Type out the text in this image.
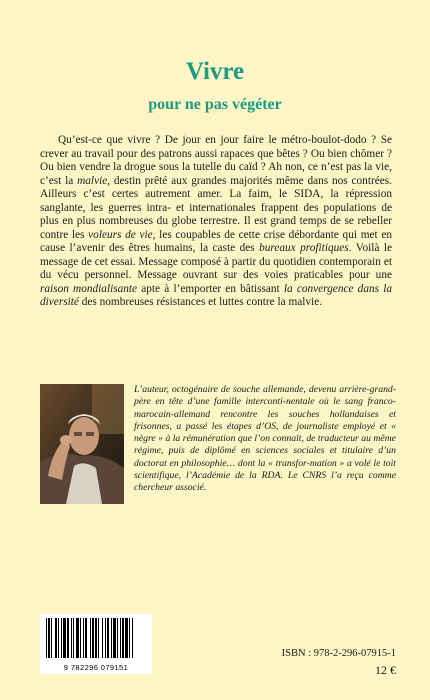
Vivre
pour ne pas végéter

Qu’est-ce que vivre ? De jour en jour faire le métro-boulot-dodo ? Se crever au travail pour des patrons aussi rapaces que bêtes ? Ou bien chômer ? Ou bien vendre la drogue sous la tutelle du caïd ? Ah non, ce n’est pas la vie, c’est la malvie, destin prêté aux grandes majorités même dans nos contrées. Ailleurs c’est certes autrement amer. La faim, le SIDA, la répression sanglante, les guerres intra- et internationales frappent des populations de plus en plus nombreuses du globe terrestre. Il est grand temps de se rebeller contre les voleurs de vie, les coupables de cette crise débordante qui met en cause l’avenir des êtres humains, la caste des bureaux profitiques. Voilà le message de cet essai. Message composé à partir du quotidien contemporain et du vécu personnel. Message ouvrant sur des voies praticables pour une raison mondialisante apte à l’emporter en bâtissant la convergence dans la diversité des nombreuses résistances et luttes contre la malvie.

L’auteur, octogénaire de souche allemande, devenu arrière-grand-père en tête d’une famille interconti-nentale où le sang franco-marocain-allemand rencontre les souches hollandaises et frisonnes, a passé les étapes d’OS, de journaliste employé et « nègre » à la rémunération que l’on connaît, de traducteur au même régime, puis de diplômé en sciences sociales et titulaire d’un doctorat en philosophie… dont la « transfor-mation » a volé le toit scientifique, l’Académie de la RDA. Le CNRS l’a reçu comme chercheur associé.

9 782296 079151

ISBN : 978-2-296-07915-1

12 €
